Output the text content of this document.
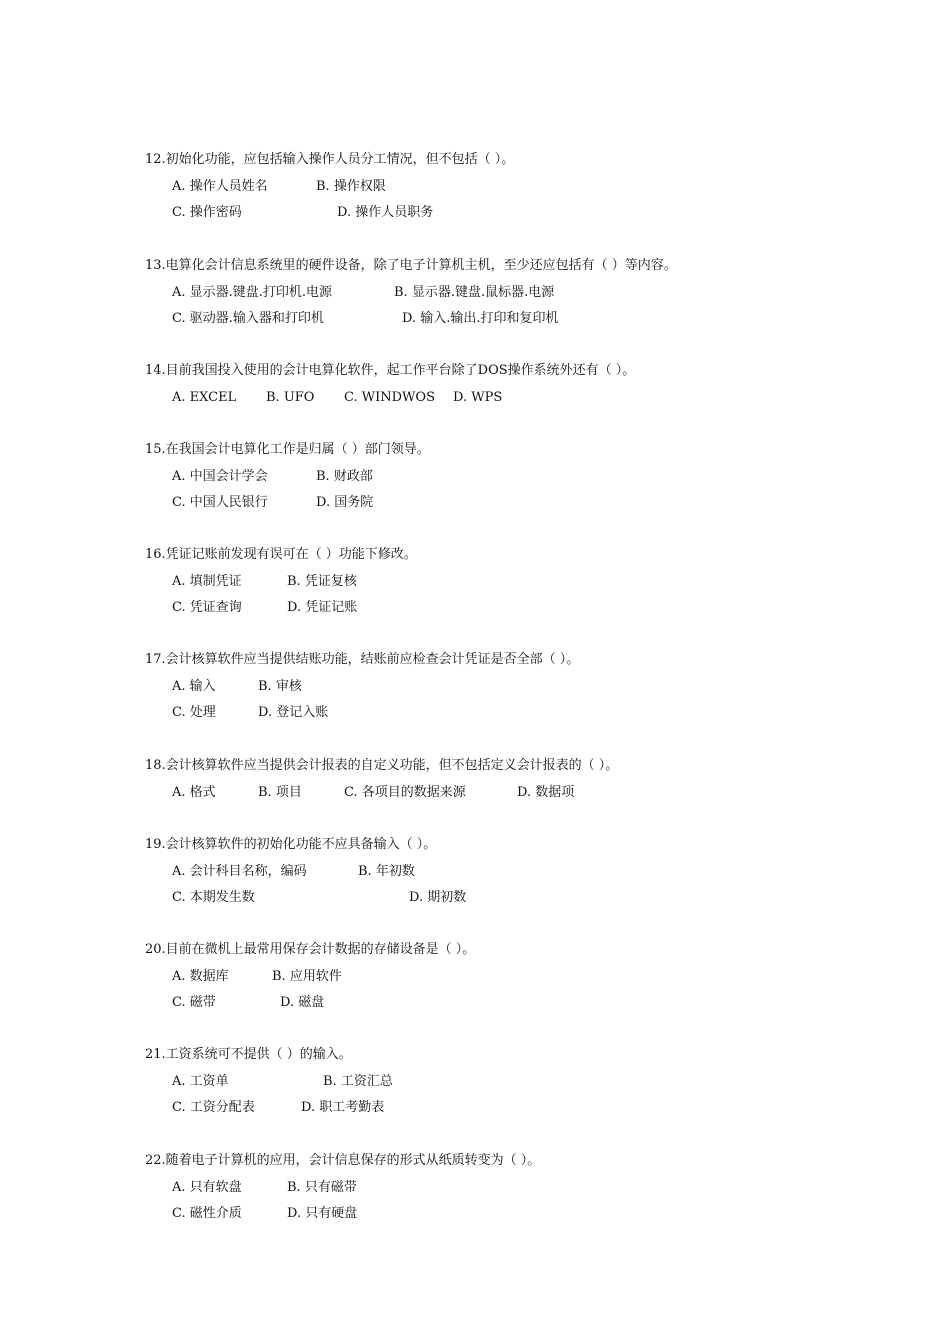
12.初始化功能，应包括输入操作人员分工情况，但不包括（ ）。
A. 操作人员姓名	B. 操作权限
C. 操作密码	D. 操作人员职务
13.电算化会计信息系统里的硬件设备，除了电子计算机主机，至少还应包括有（ ）等内容。
A. 显示器.键盘.打印机.电源	B. 显示器.键盘.鼠标器.电源
C. 驱动器.输入器和打印机	D. 输入.输出.打印和复印机
14.目前我国投入使用的会计电算化软件，起工作平台除了DOS操作系统外还有（ ）。
A. EXCEL B. UFO C. WINDWOS D. WPS
15.在我国会计电算化工作是归属（ ）部门领导。
A. 中国会计学会	B. 财政部
C. 中国人民银行	D. 国务院
16.凭证记账前发现有误可在（ ）功能下修改。
A. 填制凭证	B. 凭证复核
C. 凭证查询	D. 凭证记账
17.会计核算软件应当提供结账功能，结账前应检查会计凭证是否全部（ ）。
A. 输入	B. 审核
C. 处理	D. 登记入账
18.会计核算软件应当提供会计报表的自定义功能，但不包括定义会计报表的（ ）。
A. 格式	B. 项目	C. 各项目的数据来源	D. 数据项
19.会计核算软件的初始化功能不应具备输入（ ）。
A. 会计科目名称，编码	B. 年初数
C. 本期发生数	D. 期初数
20.目前在微机上最常用保存会计数据的存储设备是（ ）。
A. 数据库	B. 应用软件
C. 磁带	D. 磁盘
21.工资系统可不提供（ ）的输入。
A. 工资单	B. 工资汇总
C. 工资分配表	D. 职工考勤表
22.随着电子计算机的应用，会计信息保存的形式从纸质转变为（ ）。
A. 只有软盘	B. 只有磁带
C. 磁性介质	D. 只有硬盘
